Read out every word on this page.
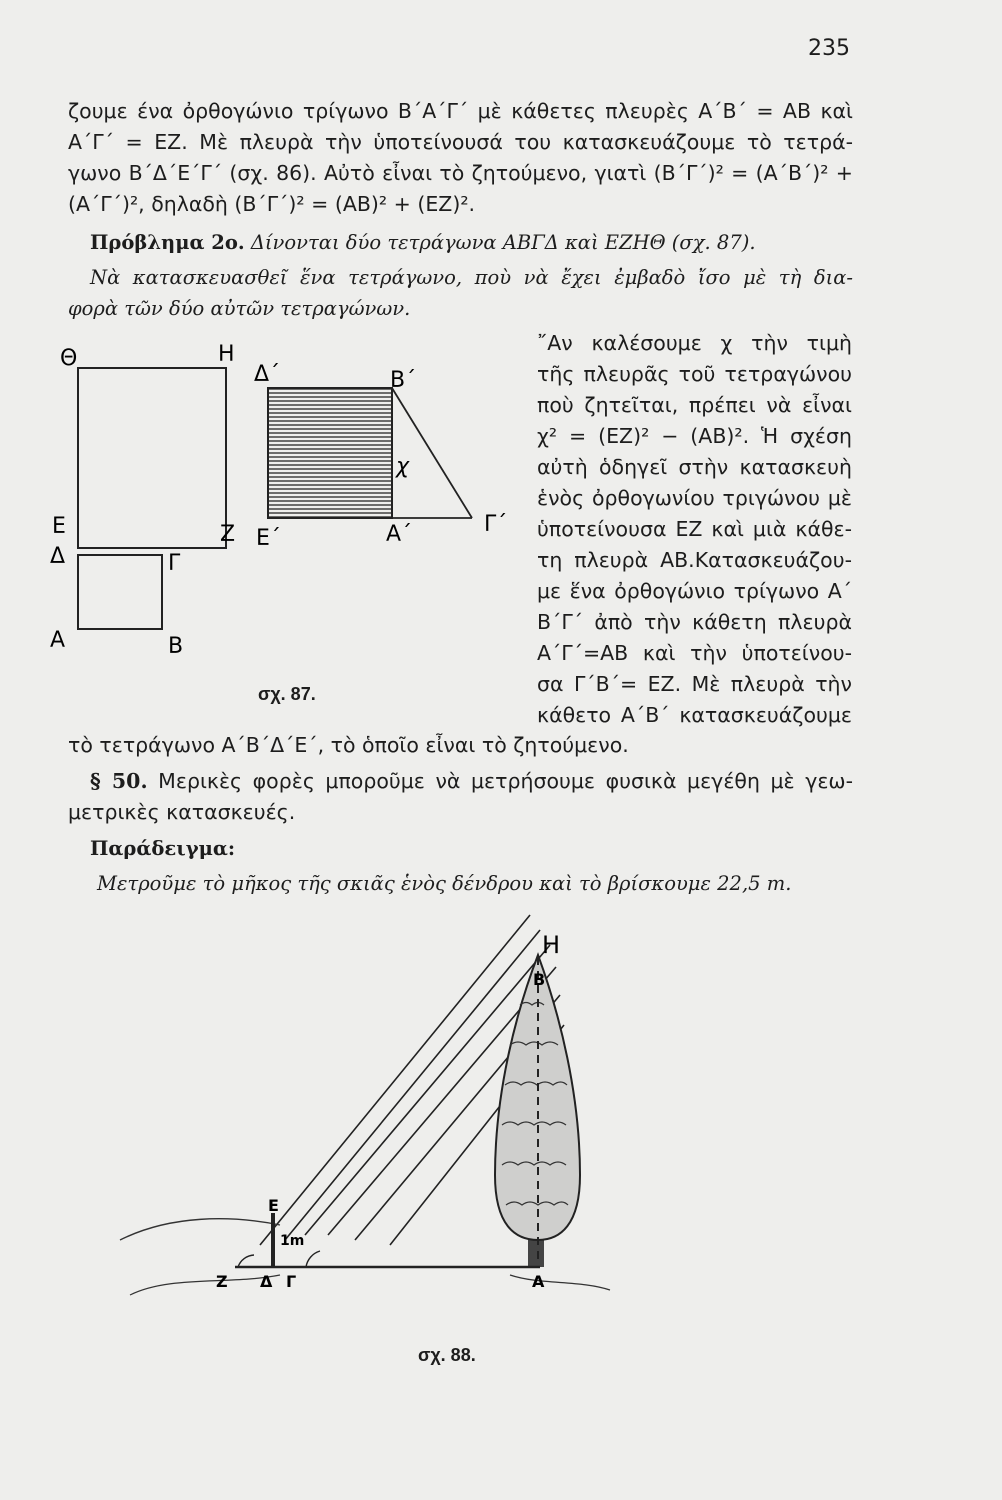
235
ζουμε ένα ὀρθογώνιο τρίγωνο Β΄Α΄Γ΄ μὲ κάθετες πλευρὲς Α΄Β΄ = ΑΒ καὶ
Α΄Γ΄ = ΕΖ. Μὲ πλευρὰ τὴν ὑποτείνουσά του κατασκευάζουμε τὸ τετρά-
γωνο Β΄Δ΄Ε΄Γ΄ (σχ. 86). Αὐτὸ εἶναι τὸ ζητούμενο, γιατὶ (Β΄Γ΄)² = (Α΄Β΄)² +
(Α΄Γ΄)², δηλαδὴ (Β΄Γ΄)² = (ΑΒ)² + (ΕΖ)².
Πρόβλημα 2ο. Δίνονται δύο τετράγωνα ΑΒΓΔ καὶ ΕΖΗΘ (σχ. 87).
Νὰ κατασκευασθεῖ ἕνα τετράγωνο, ποὺ νὰ ἔχει ἐμβαδὸ ἴσο μὲ τὴ δια-
φορὰ τῶν δύο αὐτῶν τετραγώνων.
῎Αν καλέσουμε χ τὴν τιμὴ
τῆς πλευρᾶς τοῦ τετραγώνου
ποὺ ζητεῖται, πρέπει νὰ εἶναι
χ² = (ΕΖ)² − (ΑΒ)². Ἡ σχέση
αὐτὴ ὁδηγεῖ στὴν κατασκευὴ
ἑνὸς ὀρθογωνίου τριγώνου μὲ
ὑποτείνουσα ΕΖ καὶ μιὰ κάθε-
τη πλευρὰ ΑΒ.Κατασκευάζου-
με ἕνα ὀρθογώνιο τρίγωνο Α΄
Β΄Γ΄ ἀπὸ τὴν κάθετη πλευρὰ
Α΄Γ΄=ΑΒ καὶ τὴν ὑποτείνου-
σα Γ΄Β΄= ΕΖ. Μὲ πλευρὰ τὴν
κάθετο Α΄Β΄ κατασκευάζουμε
Θ	Η
Ε	Ζ
Δ	Γ
Α	Β
Δ΄	Β΄
Ε΄	Α΄	Γ΄
χ
σχ. 87.
τὸ τετράγωνο Α΄Β΄Δ΄Ε΄, τὸ ὁποῖο εἶναι τὸ ζητούμενο.
§ 50. Μερικὲς φορὲς μποροῦμε νὰ μετρήσουμε φυσικὰ μεγέθη μὲ γεω-
μετρικὲς κατασκευές.
Παράδειγμα:
Μετροῦμε τὸ μῆκος τῆς σκιᾶς ἑνὸς δένδρου καὶ τὸ βρίσκουμε 22,5 m.
Η
Β
Ε
1m
Ζ Δ Γ	Α
σχ. 88.
